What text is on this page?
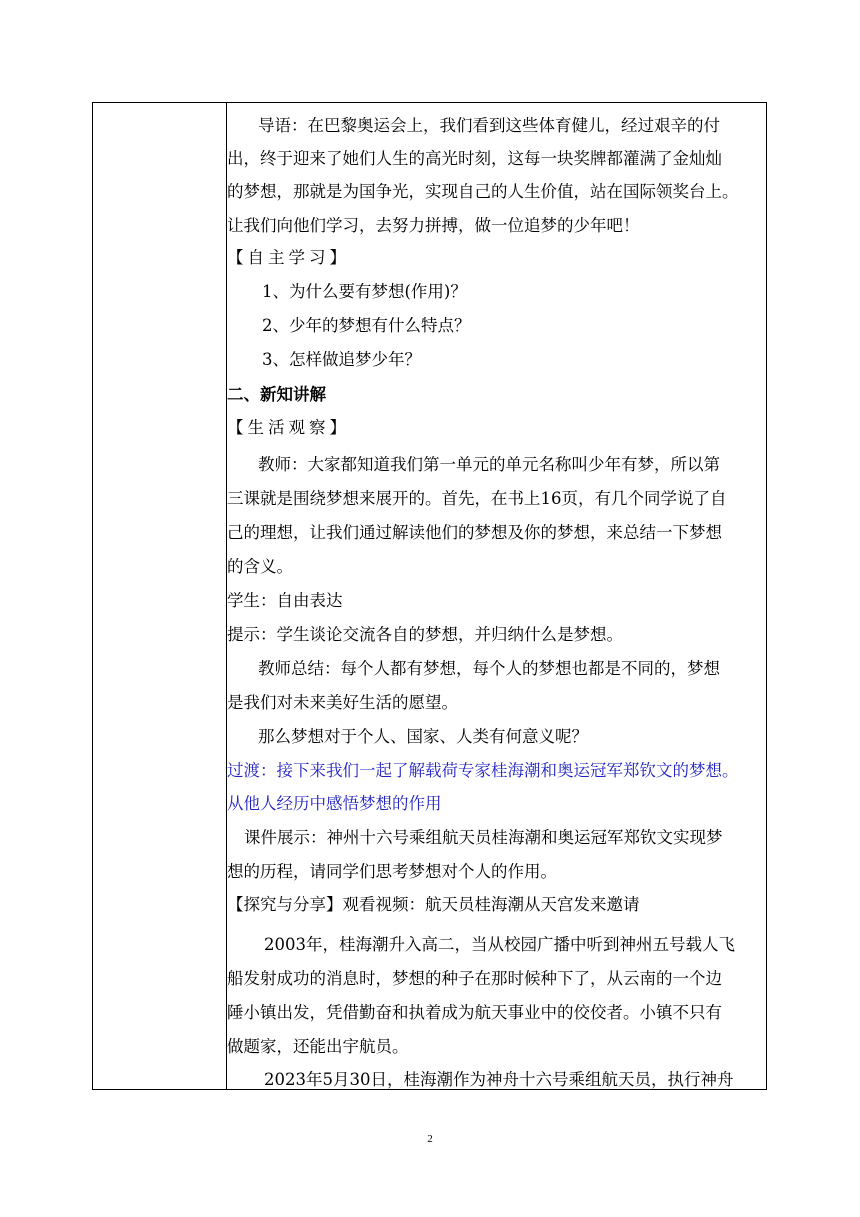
导语：在巴黎奥运会上，我们看到这些体育健儿，经过艰辛的付
出，终于迎来了她们人生的高光时刻，这每一块奖牌都灌满了金灿灿
的梦想，那就是为国争光，实现自己的人生价值，站在国际领奖台上。
让我们向他们学习，去努力拼搏，做一位追梦的少年吧！
【自主学习】
1、为什么要有梦想(作用)？
2、少年的梦想有什么特点？
3、怎样做追梦少年？
二、新知讲解
【生活观察】
教师：大家都知道我们第一单元的单元名称叫少年有梦，所以第
三课就是围绕梦想来展开的。首先，在书上16页，有几个同学说了自
己的理想，让我们通过解读他们的梦想及你的梦想，来总结一下梦想
的含义。
学生：自由表达
提示：学生谈论交流各自的梦想，并归纳什么是梦想。
教师总结：每个人都有梦想，每个人的梦想也都是不同的，梦想
是我们对未来美好生活的愿望。
那么梦想对于个人、国家、人类有何意义呢？
过渡：接下来我们一起了解载荷专家桂海潮和奥运冠军郑钦文的梦想。
从他人经历中感悟梦想的作用
课件展示：神州十六号乘组航天员桂海潮和奥运冠军郑钦文实现梦
想的历程，请同学们思考梦想对个人的作用。
【探究与分享】观看视频：航天员桂海潮从天宫发来邀请
2003年，桂海潮升入高二，当从校园广播中听到神州五号载人飞
船发射成功的消息时，梦想的种子在那时候种下了，从云南的一个边
陲小镇出发，凭借勤奋和执着成为航天事业中的佼佼者。小镇不只有
做题家，还能出宇航员。
2023年5月30日，桂海潮作为神舟十六号乘组航天员，执行神舟
2
